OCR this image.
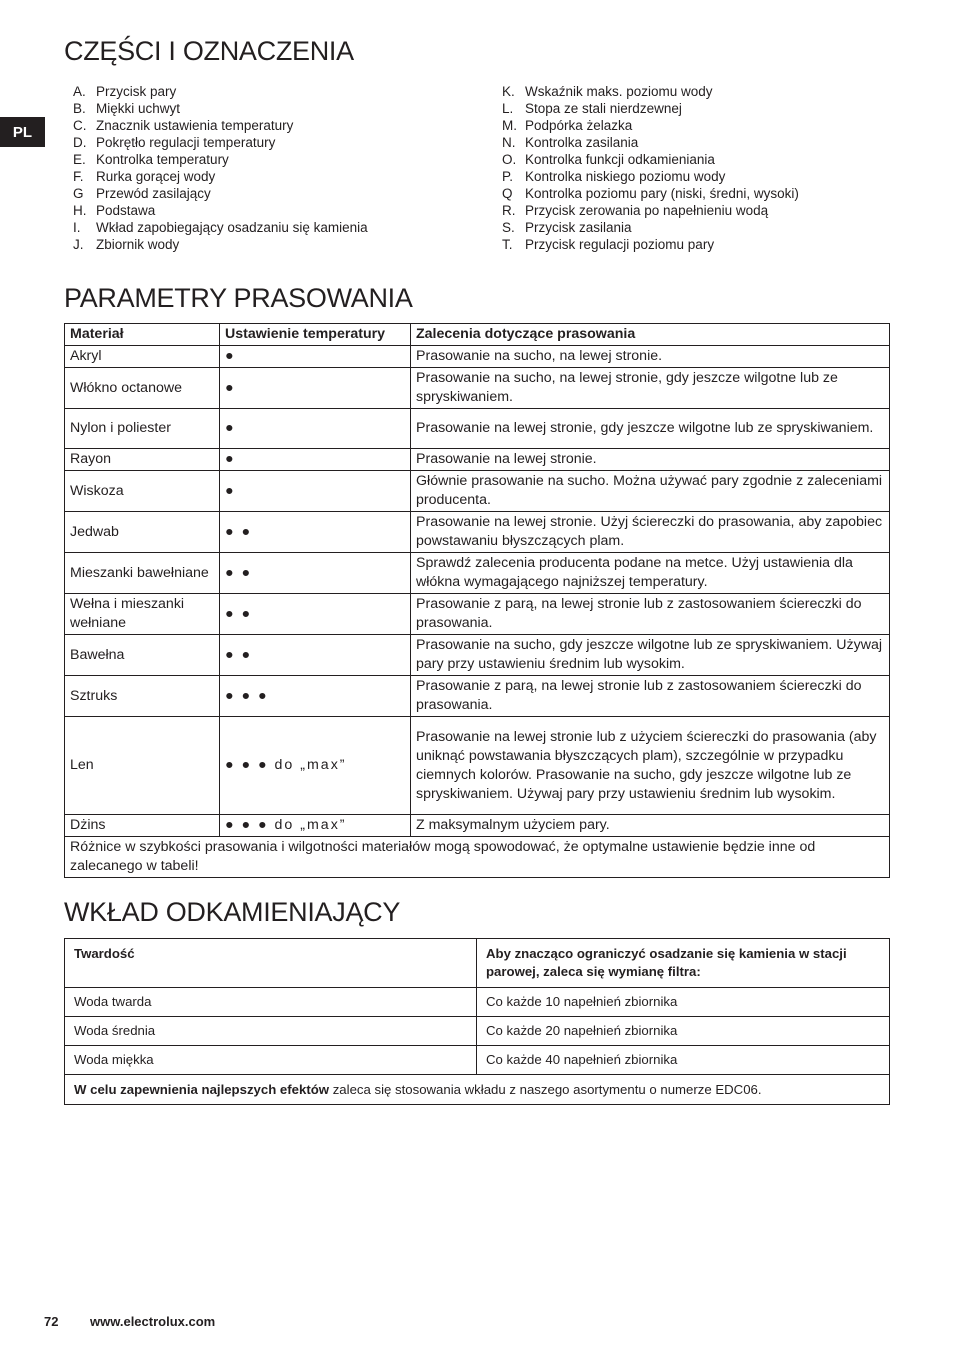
PL
CZĘŚCI I OZNACZENIA
A. Przycisk pary
B. Miękki uchwyt
C. Znacznik ustawienia temperatury
D. Pokrętło regulacji temperatury
E. Kontrolka temperatury
F. Rurka gorącej wody
G Przewód zasilający
H. Podstawa
I.	Wkład zapobiegający osadzaniu się kamienia
J. Zbiornik wody
K. Wskaźnik maks. poziomu wody
L. Stopa ze stali nierdzewnej
M. Podpórka żelazka
N. Kontrolka zasilania
O. Kontrolka funkcji odkamieniania
P. Kontrolka niskiego poziomu wody
Q Kontrolka poziomu pary (niski, średni, wysoki)
R. Przycisk zerowania po napełnieniu wodą
S. Przycisk zasilania
T. Przycisk regulacji poziomu pary
PARAMETRY PRASOWANIA
Materiał	Ustawienie temperatury	Zalecenia dotyczące prasowania
Akryl	●	Prasowanie na sucho, na lewej stronie.
Włókno octanowe	●	Prasowanie na sucho, na lewej stronie, gdy jeszcze wilgotne lub ze spryskiwaniem.
Nylon i poliester	●	Prasowanie na lewej stronie, gdy jeszcze wilgotne lub ze spryskiwaniem.
Rayon	●	Prasowanie na lewej stronie.
Wiskoza	●	Głównie prasowanie na sucho. Można używać pary zgodnie z zaleceniami producenta.
Jedwab	● ●	Prasowanie na lewej stronie. Użyj ściereczki do prasowania, aby zapobiec powstawaniu błyszczących plam.
Mieszanki bawełniane	● ●	Sprawdź zalecenia producenta podane na metce. Użyj ustawienia dla włókna wymagającego najniższej temperatury.
Wełna i mieszanki wełniane	● ●	Prasowanie z parą, na lewej stronie lub z zastosowaniem ściereczki do prasowania.
Bawełna	● ●	Prasowanie na sucho, gdy jeszcze wilgotne lub ze spryskiwaniem. Używaj pary przy ustawieniu średnim lub wysokim.
Sztruks	● ● ●	Prasowanie z parą, na lewej stronie lub z zastosowaniem ściereczki do prasowania.
Len	● ● ● do „max”	Prasowanie na lewej stronie lub z użyciem ściereczki do prasowania (aby uniknąć powstawania błyszczących plam), szczególnie w przypadku ciemnych kolorów. Prasowanie na sucho, gdy jeszcze wilgotne lub ze spryskiwaniem. Używaj pary przy ustawieniu średnim lub wysokim.
Dżins	● ● ● do „max”	Z maksymalnym użyciem pary.
Różnice w szybkości prasowania i wilgotności materiałów mogą spowodować, że optymalne ustawienie będzie inne od zalecanego w tabeli!		
WKŁAD ODKAMIENIAJĄCY
Twardość	Aby znacząco ograniczyć osadzanie się kamienia w stacji parowej, zaleca się wymianę filtra:
Woda twarda	Co każde 10 napełnień zbiornika
Woda średnia	Co każde 20 napełnień zbiornika
Woda miękka	Co każde 40 napełnień zbiornika
W celu zapewnienia najlepszych efektów zaleca się stosowania wkładu z naszego asortymentu o numerze EDC06.	
72 www.electrolux.com
